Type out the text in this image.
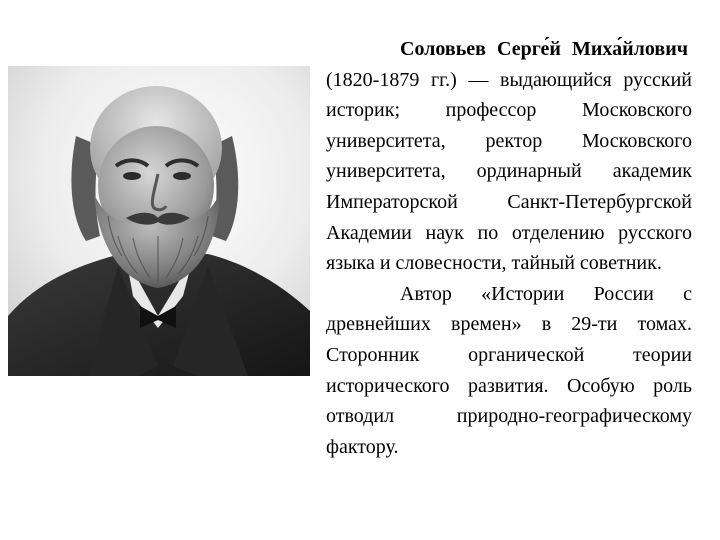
Соловьев Серге́й Миха́йлович (1820-1879 гг.) — выдающийся русский историк; профессор Московского университета, ректор Московского университета, ординарный академик Императорской Санкт-Петербургской Академии наук по отделению русского языка и словесности, тайный советник.

Автор «Истории России с древнейших времен» в 29-ти томах. Сторонник органической теории исторического развития. Особую роль отводил природно-географическому фактору.
